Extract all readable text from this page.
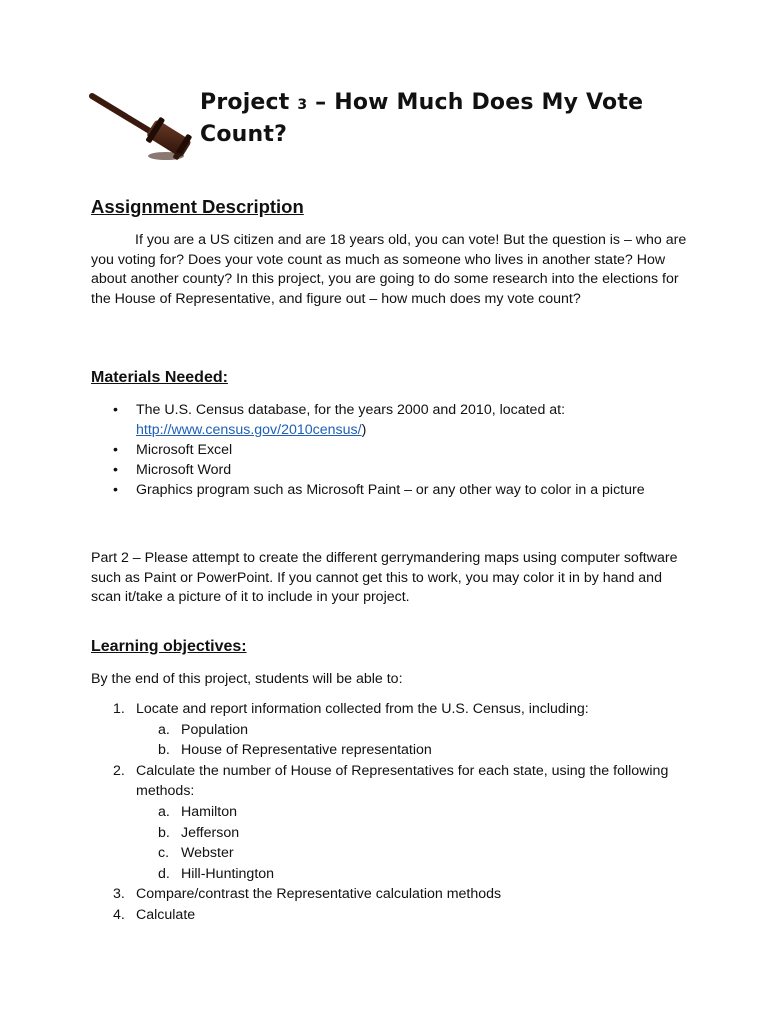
Project 3 – How Much Does My Vote Count?
Assignment Description

If you are a US citizen and are 18 years old, you can vote! But the question is – who are you voting for? Does your vote count as much as someone who lives in another state? How about another county? In this project, you are going to do some research into the elections for the House of Representative, and figure out – how much does my vote count?

Materials Needed:
• The U.S. Census database, for the years 2000 and 2010, located at: http://www.census.gov/2010census/)
• Microsoft Excel
• Microsoft Word
• Graphics program such as Microsoft Paint – or any other way to color in a picture

Part 2 – Please attempt to create the different gerrymandering maps using computer software such as Paint or PowerPoint. If you cannot get this to work, you may color it in by hand and scan it/take a picture of it to include in your project.

Learning objectives:

By the end of this project, students will be able to:

1. Locate and report information collected from the U.S. Census, including:
a. Population
b. House of Representative representation
2. Calculate the number of House of Representatives for each state, using the following methods:
a. Hamilton
b. Jefferson
c. Webster
d. Hill-Huntington
3. Compare/contrast the Representative calculation methods
4. Calculate
